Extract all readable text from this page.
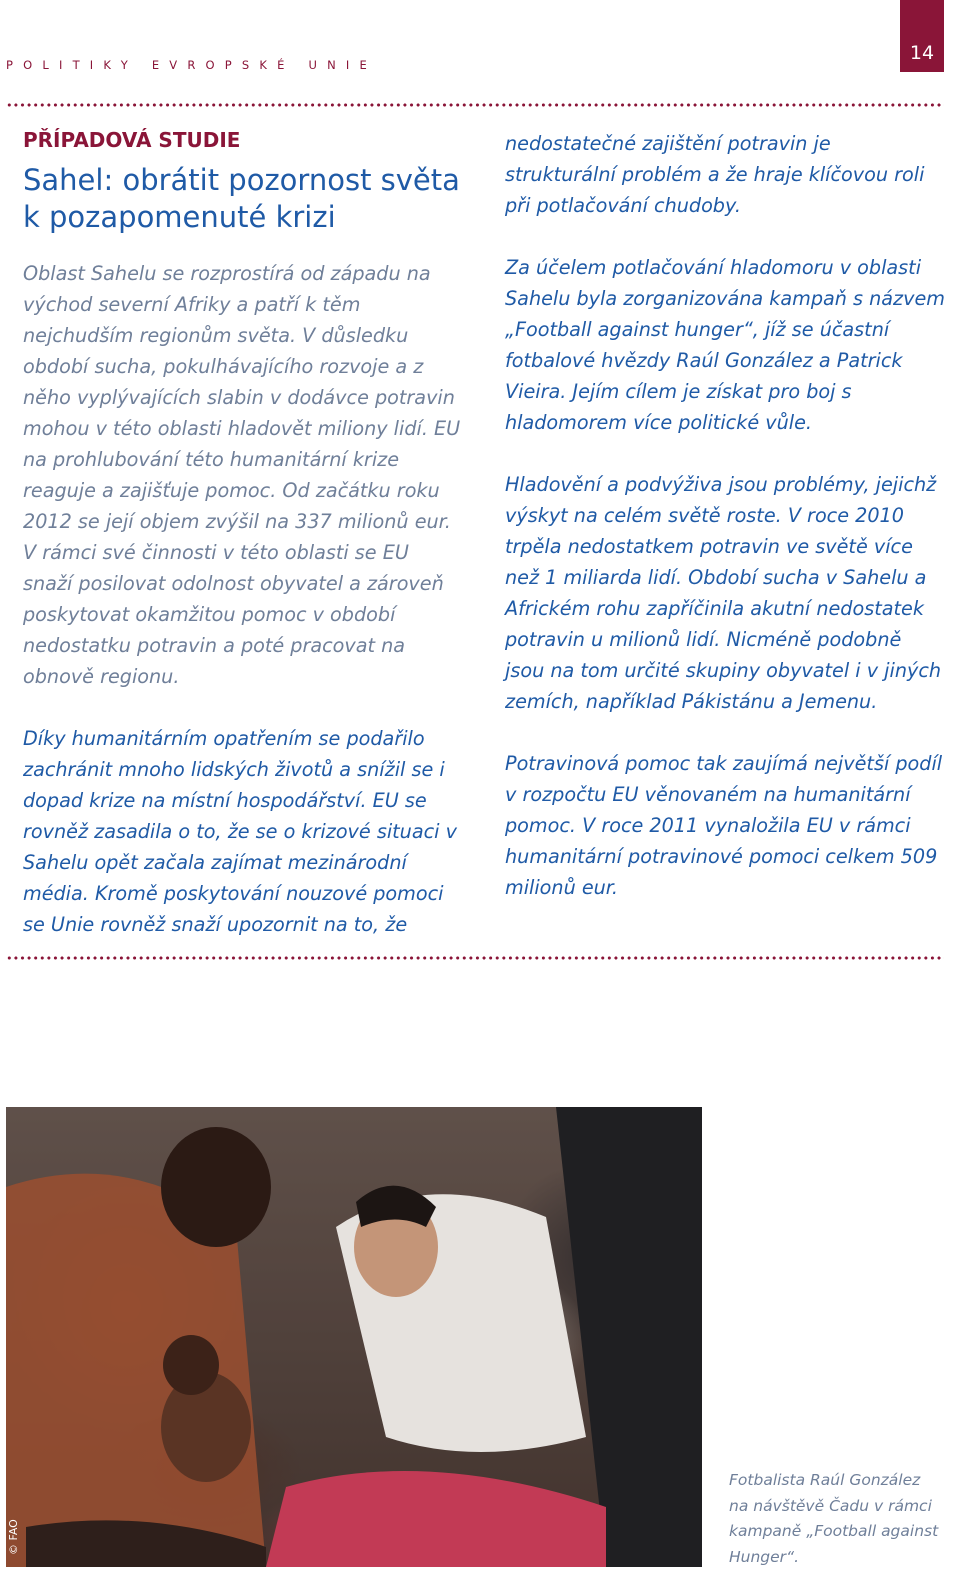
POLITIKY EVROPSKÉ UNIE
14
PŘÍPADOVÁ STUDIE
Sahel: obrátit pozornost světa
k pozapomenuté krizi

Oblast Sahelu se rozprostírá od západu na východ severní Afriky a patří k těm nejchudším regionům světa. V důsledku období sucha, pokulhávajícího rozvoje a z něho vyplývajících slabin v dodávce potravin mohou v této oblasti hladovět miliony lidí. EU na prohlubování této humanitární krize reaguje a zajišťuje pomoc. Od začátku roku 2012 se její objem zvýšil na 337 milionů eur. V rámci své činnosti v této oblasti se EU snaží posilovat odolnost obyvatel a zároveň poskytovat okamžitou pomoc v období nedostatku potravin a poté pracovat na obnově regionu.

Díky humanitárním opatřením se podařilo zachránit mnoho lidských životů a snížil se i dopad krize na místní hospodářství. EU se rovněž zasadila o to, že se o krizové situaci v Sahelu opět začala zajímat mezinárodní média. Kromě poskytování nouzové pomoci se Unie rovněž snaží upozornit na to, že

nedostatečné zajištění potravin je strukturální problém a že hraje klíčovou roli při potlačování chudoby.

Za účelem potlačování hladomoru v oblasti Sahelu byla zorganizována kampaň s názvem „Football against hunger“, jíž se účastní fotbalové hvězdy Raúl González a Patrick Vieira. Jejím cílem je získat pro boj s hladomorem více politické vůle.

Hladovění a podvýživa jsou problémy, jejichž výskyt na celém světě roste. V roce 2010 trpěla nedostatkem potravin ve světě více než 1 miliarda lidí. Období sucha v Sahelu a Africkém rohu zapříčinila akutní nedostatek potravin u milionů lidí. Nicméně podobně jsou na tom určité skupiny obyvatel i v jiných zemích, například Pákistánu a Jemenu.

Potravinová pomoc tak zaujímá největší podíl v rozpočtu EU věnovaném na humanitární pomoc. V roce 2011 vynaložila EU v rámci humanitární potravinové pomoci celkem 509 milionů eur.

© FAO
Fotbalista Raúl González na návštěvě Čadu v rámci kampaně „Football against Hunger“.
